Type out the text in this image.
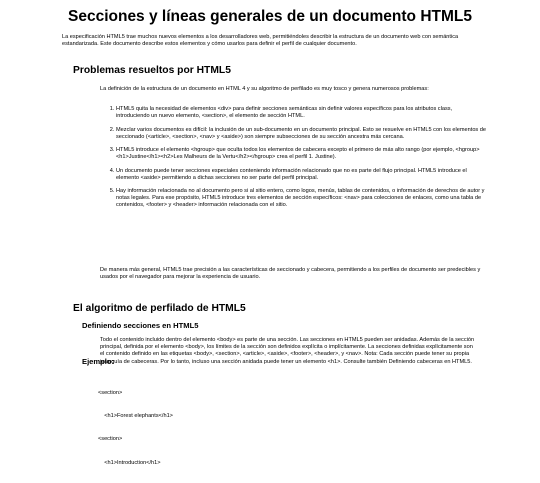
Secciones y líneas generales de un documento HTML5

La especificación HTML5 trae muchos nuevos elementos a los desarrolladores web, permitiéndoles describir la estructura de un documento web con semántica estandarizada. Este documento describe estos elementos y cómo usarlos para definir el perfil de cualquier documento.

Problemas resueltos por HTML5

La definición de la estructura de un documento en HTML 4 y su algoritmo de perfilado es muy tosco y genera numerosos problemas:

1. HTML5 quita la necesidad de elementos <div> para definir secciones semánticas sin definir valores específicos para los atributos class, introduciendo un nuevo elemento, <section>, el elemento de sección HTML.
2. Mezclar varios documentos es difícil: la inclusión de un sub-documento en un documento principal. Esto se resuelve en HTML5 con los elementos de seccionado (<article>, <section>, <nav> y <aside>) son siempre subsecciones de su sección ancestra más cercana.
3. HTML5 introduce el elemento <hgroup> que oculta todos los elementos de cabecera excepto el primero de más alto rango (por ejemplo, <hgroup><h1>Justine</h1><h2>Les Malheurs de la Vertu</h2></hgroup> crea el perfil 1. Justine).
4. Un documento puede tener secciones especiales conteniendo información relacionado que no es parte del flujo principal. HTML5 introduce el elemento <aside> permitiendo a dichas secciones no ser parte del perfil principal.
5. Hay información relacionada no al documento pero si al sitio entero, como logos, menús, tablas de contenidos, o información de derechos de autor y notas legales. Para ese propósito, HTML5 introduce tres elementos de sección específicos: <nav> para colecciones de enlaces, como una tabla de contenidos, <footer> y <header> información relacionada con el sitio.

De manera más general, HTML5 trae precisión a las características de seccionado y cabecera, permitiendo a los perfiles de documento ser predecibles y usados por el navegador para mejorar la experiencia de usuario.

El algoritmo de perfilado de HTML5
Definiendo secciones en HTML5

Todo el contenido incluido dentro del elemento <body> es parte de una sección. Las secciones en HTML5 pueden ser anidadas. Además de la sección principal, definida por el elemento <body>, los límites de la sección son definidos explícita o implícitamente. La secciones definidas explícitamente son el contenido definido en las etiquetas <body>, <section>, <article>, <aside>, <footer>, <header>, y <nav>. Nota: Cada sección puede tener su propia jerarquía de cabeceras. Por lo tanto, incluso una sección anidada puede tener un elemento <h1>. Consulte también Definiendo cabeceras en HTML5.

Ejemplo:

<section>

<h1>Forest elephants</h1>

<section>

<h1>Introduction</h1>
